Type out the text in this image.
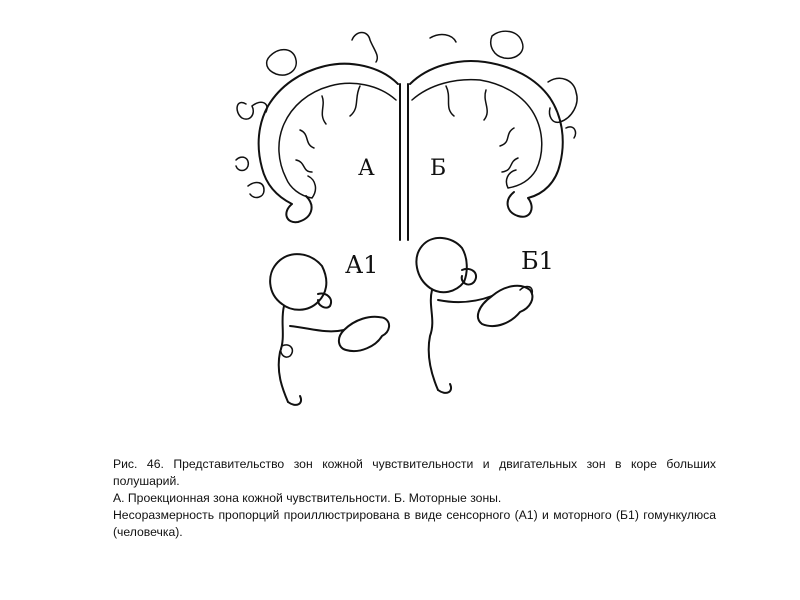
А	Б
А1	Б1

Рис. 46. Представительство зон кожной чувствительности и двигательных зон в коре больших полушарий.

А. Проекционная зона кожной чувствительности. Б. Моторные зоны.

Несоразмерность пропорций проиллюстрирована в виде сенсорного (А1) и моторного (Б1) гомункулюса (человечка).
